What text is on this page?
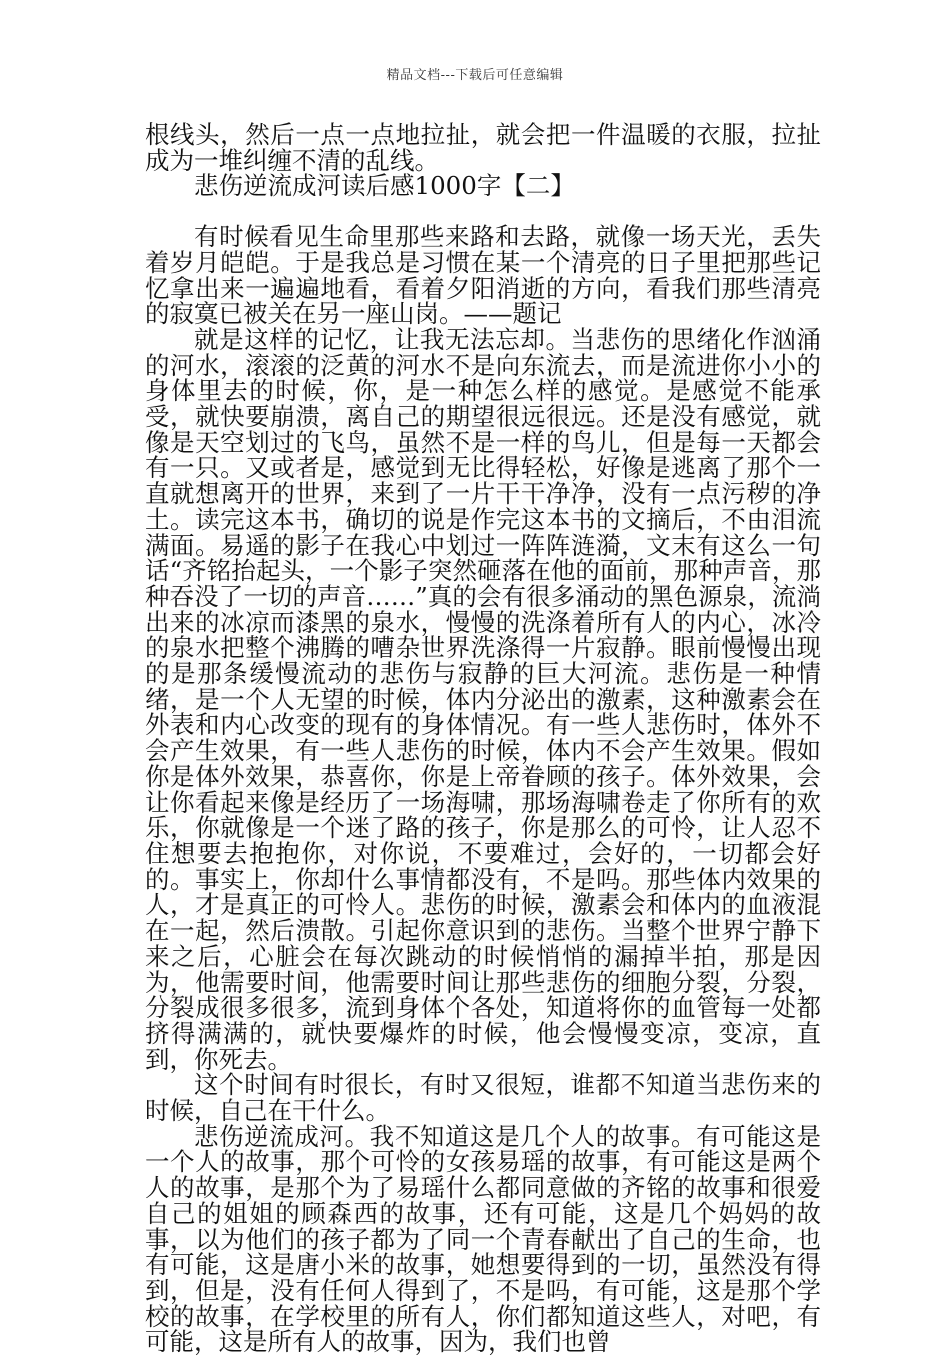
精品文档---下载后可任意编辑

根线头，然后一点一点地拉扯，就会把一件温暖的衣服，拉扯成为一堆纠缠不清的乱线。

悲伤逆流成河读后感1000字【二】

有时候看见生命里那些来路和去路，就像一场天光，丢失着岁月皑皑。于是我总是习惯在某一个清亮的日子里把那些记忆拿出来一遍遍地看，看着夕阳消逝的方向，看我们那些清亮的寂寞已被关在另一座山岗。——题记

就是这样的记忆，让我无法忘却。当悲伤的思绪化作汹涌的河水，滚滚的泛黄的河水不是向东流去，而是流进你小小的身体里去的时候，你，是一种怎么样的感觉。是感觉不能承受，就快要崩溃，离自己的期望很远很远。还是没有感觉，就像是天空划过的飞鸟，虽然不是一样的鸟儿，但是每一天都会有一只。又或者是，感觉到无比得轻松，好像是逃离了那个一直就想离开的世界，来到了一片干干净净，没有一点污秽的净土。读完这本书，确切的说是作完这本书的文摘后，不由泪流满面。易遥的影子在我心中划过一阵阵涟漪，文末有这么一句话“齐铭抬起头，一个影子突然砸落在他的面前，那种声音，那种吞没了一切的声音……”真的会有很多涌动的黑色源泉，流淌出来的冰凉而漆黑的泉水，慢慢的洗涤着所有人的内心，冰冷的泉水把整个沸腾的嘈杂世界洗涤得一片寂静。眼前慢慢出现的是那条缓慢流动的悲伤与寂静的巨大河流。悲伤是一种情绪，是一个人无望的时候，体内分泌出的激素，这种激素会在外表和内心改变的现有的身体情况。有一些人悲伤时，体外不会产生效果，有一些人悲伤的时候，体内不会产生效果。假如你是体外效果，恭喜你，你是上帝眷顾的孩子。体外效果，会让你看起来像是经历了一场海啸，那场海啸卷走了你所有的欢乐，你就像是一个迷了路的孩子，你是那么的可怜，让人忍不住想要去抱抱你，对你说，不要难过，会好的，一切都会好的。事实上，你却什么事情都没有，不是吗。那些体内效果的人，才是真正的可怜人。悲伤的时候，激素会和体内的血液混在一起，然后溃散。引起你意识到的悲伤。当整个世界宁静下来之后，心脏会在每次跳动的时候悄悄的漏掉半拍，那是因为，他需要时间，他需要时间让那些悲伤的细胞分裂，分裂，分裂成很多很多，流到身体个各处，知道将你的血管每一处都挤得满满的，就快要爆炸的时候，他会慢慢变凉，变凉，直到，你死去。

这个时间有时很长，有时又很短，谁都不知道当悲伤来的时候，自己在干什么。

悲伤逆流成河。我不知道这是几个人的故事。有可能这是一个人的故事，那个可怜的女孩易瑶的故事，有可能这是两个人的故事，是那个为了易瑶什么都同意做的齐铭的故事和很爱自己的姐姐的顾森西的故事，还有可能，这是几个妈妈的故事，以为他们的孩子都为了同一个青春献出了自己的生命，也有可能，这是唐小米的故事，她想要得到的一切，虽然没有得到，但是，没有任何人得到了，不是吗，有可能，这是那个学校的故事，在学校里的所有人，你们都知道这些人，对吧，有可能，这是所有人的故事，因为，我们也曾
